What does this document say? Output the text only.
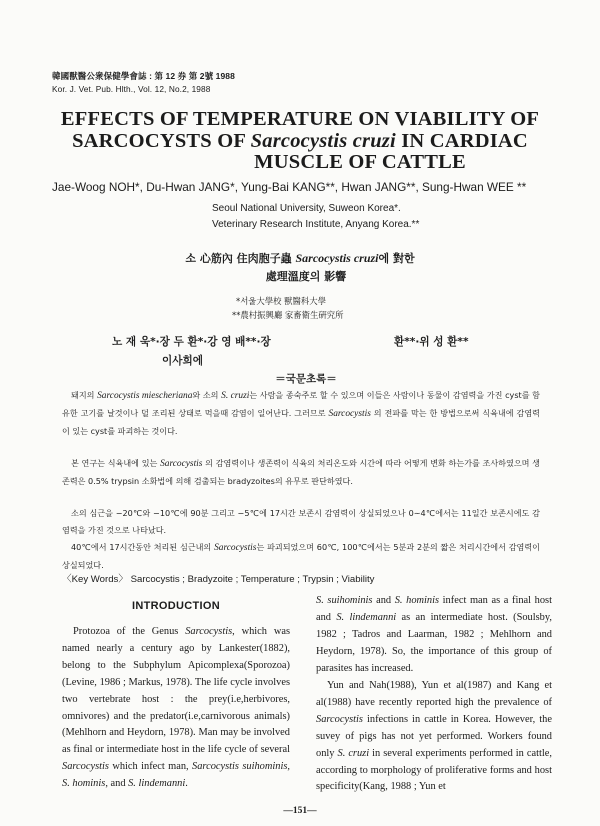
韓國獸醫公衆保健學會誌 : 第 12 券 第 2號 1988
Kor. J. Vet. Pub. Hlth., Vol. 12, No.2, 1988
EFFECTS OF TEMPERATURE ON VIABILITY OF
SARCOCYSTS OF Sarcocystis cruzi IN CARDIAC
MUSCLE OF CATTLE
Jae-Woog NOH*, Du-Hwan JANG*, Yung-Bai KANG**, Hwan JANG**, Sung-Hwan WEE **
Seoul National University, Suweon Korea*.
Veterinary Research Institute, Anyang Korea.**
소 心筋內 住肉胞子蟲 Sarcocystis cruzi에 對한
處理溫度의 影響
*서울大學校 獸醫科大學
**農村振興廳 家畜衛生硏究所
노 재 욱*·장 두 환*·강 영 배**·장	환**·위 성 환**
이사희에
＝국문초록＝

돼지의 Sarcocystis miescheriana와 소의 S. cruzi는 사람을 종숙주로 할 수 있으며 이들은 사람이나 동물이 감염력을 가진 cyst를 함유한 고기를 날것이나 덜 조리된 상태로 먹을때 감염이 일어난다. 그러므로 Sarcocystis 의 전파를 막는 한 방법으로써 식육내에 감염력이 있는 cyst를 파괴하는 것이다.

본 연구는 식육내에 있는 Sarcocystis 의 감염력이나 생존력이 식육의 처리온도와 시간에 따라 어떻게 변화 하는가를 조사하였으며 생존력은 0.5% trypsin 소화법에 의해 검출되는 bradyzoites의 유무로 판단하였다.

소의 심근을 −20℃와 −10℃에 90분 그리고 −5℃에 17시간 보존시 감염력이 상실되었으나 0∼4℃에서는 11일간 보존시에도 감염력을 가진 것으로 나타났다.

40℃에서 17시간동안 처리된 심근내의 Sarcocystis는 파괴되었으며 60℃, 100℃에서는 5분과 2분의 짧은 처리시간에서 감염력이 상실되었다.

〈Key Words〉 Sarcocystis ; Bradyzoite ; Temperature ; Trypsin ; Viability
INTRODUCTION

Protozoa of the Genus Sarcocystis, which was named nearly a century ago by Lankester(1882), belong to the Subphylum Apicomplexa(Sporozoa) (Levine, 1986 ; Markus, 1978). The life cycle involves two vertebrate host : the prey(i.e,herbivores, omnivores) and the predator(i.e,carnivorous animals) (Mehlhorn and Heydorn, 1978). Man may be involved as final or intermediate host in the life cycle of several Sarcocystis which infect man, Sarcocystis suihominis, S. hominis, and S. lindemanni.

S. suihominis and S. hominis infect man as a final host and S. lindemanni as an intermediate host. (Soulsby, 1982 ; Tadros and Laarman, 1982 ; Mehlhorn and Heydorn, 1978). So, the importance of this group of parasites has increased.

Yun and Nah(1988), Yun et al(1987) and Kang et al(1988) have recently reported high the prevalence of Sarcocystis infections in cattle in Korea. However, the suvey of pigs has not yet performed. Workers found only S. cruzi in several experiments performed in cattle, according to morphology of proliferative forms and host specificity(Kang, 1988 ; Yun et

—151—
